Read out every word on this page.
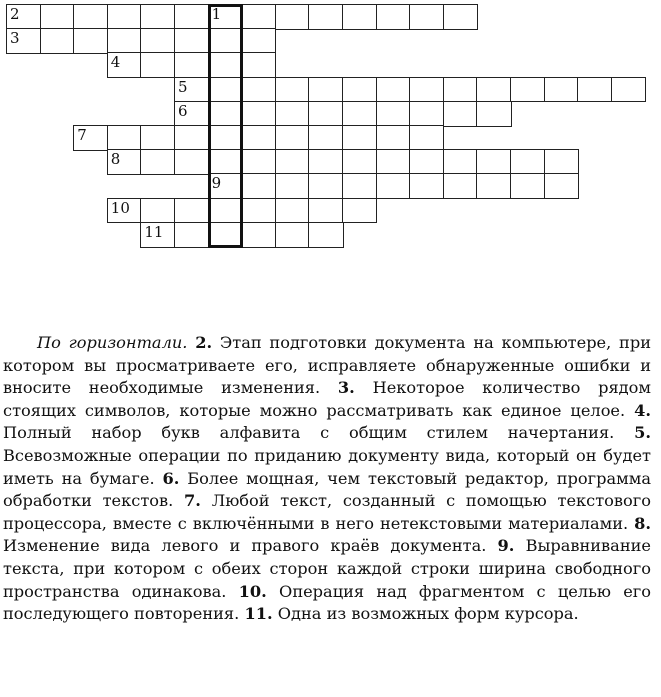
2	1
3
4
5
6
7
8
9
10
11

По горизонтали. 2. Этап подготовки документа на компьютере, при котором вы просматриваете его, исправляете обнаруженные ошибки и вносите необходимые изменения. 3. Некоторое количество рядом стоящих символов, которые можно рассматривать как единое целое. 4. Полный набор букв алфавита с общим стилем начертания. 5. Всевозможные операции по приданию документу вида, который он будет иметь на бумаге. 6. Более мощная, чем текстовый редактор, программа обработки текстов. 7. Любой текст, созданный с помощью текстового процессора, вместе с включёнными в него нетекстовыми материалами. 8. Изменение вида левого и правого краёв документа. 9. Выравнивание текста, при котором с обеих сторон каждой строки ширина свободного пространства одинакова. 10. Операция над фрагментом с целью его последующего повторения. 11. Одна из возможных форм курсора.
